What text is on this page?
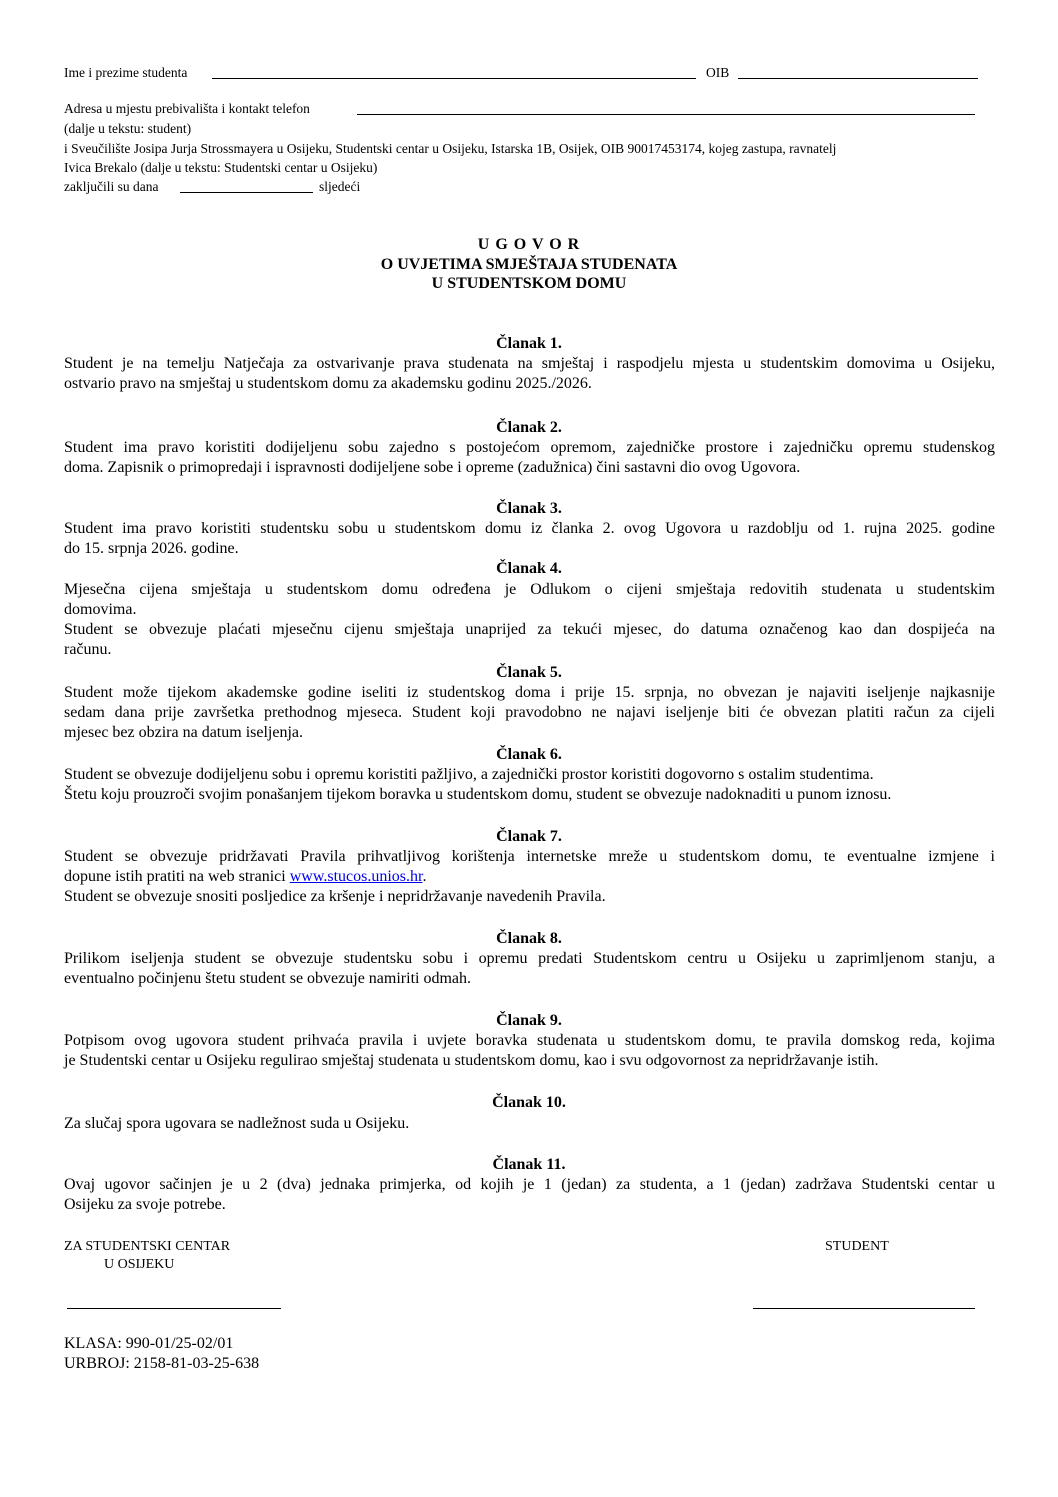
Ime i prezime studenta	OIB
Adresa u mjestu prebivališta i kontakt telefon
(dalje u tekstu: student)
i Sveučilište Josipa Jurja Strossmayera u Osijeku, Studentski centar u Osijeku, Istarska 1B, Osijek, OIB 90017453174, kojeg zastupa, ravnatelj
Ivica Brekalo (dalje u tekstu: Studentski centar u Osijeku)
zaključili su dana	sljedeći
U G O V O R
O UVJETIMA SMJEŠTAJA STUDENATA
U STUDENTSKOM DOMU
Članak 1.
Student je na temelju Natječaja za ostvarivanje prava studenata na smještaj i raspodjelu mjesta u studentskim domovima u Osijeku,
ostvario pravo na smještaj u studentskom domu za akademsku godinu 2025./2026.
Članak 2.
Student ima pravo koristiti dodijeljenu sobu zajedno s postojećom opremom, zajedničke prostore i zajedničku opremu studenskog
doma. Zapisnik o primopredaji i ispravnosti dodijeljene sobe i opreme (zadužnica) čini sastavni dio ovog Ugovora.
Članak 3.
Student ima pravo koristiti studentsku sobu u studentskom domu iz članka 2. ovog Ugovora u razdoblju od 1. rujna 2025. godine
do 15. srpnja 2026. godine.
Članak 4.
Mjesečna cijena smještaja u studentskom domu određena je Odlukom o cijeni smještaja redovitih studenata u studentskim
domovima.
Student se obvezuje plaćati mjesečnu cijenu smještaja unaprijed za tekući mjesec, do datuma označenog kao dan dospijeća na
računu.
Članak 5.
Student može tijekom akademske godine iseliti iz studentskog doma i prije 15. srpnja, no obvezan je najaviti iseljenje najkasnije
sedam dana prije završetka prethodnog mjeseca. Student koji pravodobno ne najavi iseljenje biti će obvezan platiti račun za cijeli
mjesec bez obzira na datum iseljenja.
Članak 6.
Student se obvezuje dodijeljenu sobu i opremu koristiti pažljivo, a zajednički prostor koristiti dogovorno s ostalim studentima.
Štetu koju prouzroči svojim ponašanjem tijekom boravka u studentskom domu, student se obvezuje nadoknaditi u punom iznosu.
Članak 7.
Student se obvezuje pridržavati Pravila prihvatljivog korištenja internetske mreže u studentskom domu, te eventualne izmjene i
dopune istih pratiti na web stranici www.stucos.unios.hr.
Student se obvezuje snositi posljedice za kršenje i nepridržavanje navedenih Pravila.
Članak 8.
Prilikom iseljenja student se obvezuje studentsku sobu i opremu predati Studentskom centru u Osijeku u zaprimljenom stanju, a
eventualno počinjenu štetu student se obvezuje namiriti odmah.
Članak 9.
Potpisom ovog ugovora student prihvaća pravila i uvjete boravka studenata u studentskom domu, te pravila domskog reda, kojima
je Studentski centar u Osijeku regulirao smještaj studenata u studentskom domu, kao i svu odgovornost za nepridržavanje istih.
Članak 10.
Za slučaj spora ugovara se nadležnost suda u Osijeku.
Članak 11.
Ovaj ugovor sačinjen je u 2 (dva) jednaka primjerka, od kojih je 1 (jedan) za studenta, a 1 (jedan) zadržava Studentski centar u
Osijeku za svoje potrebe.
ZA STUDENTSKI CENTAR
U OSIJEKU
STUDENT
KLASA: 990-01/25-02/01
URBROJ: 2158-81-03-25-638
